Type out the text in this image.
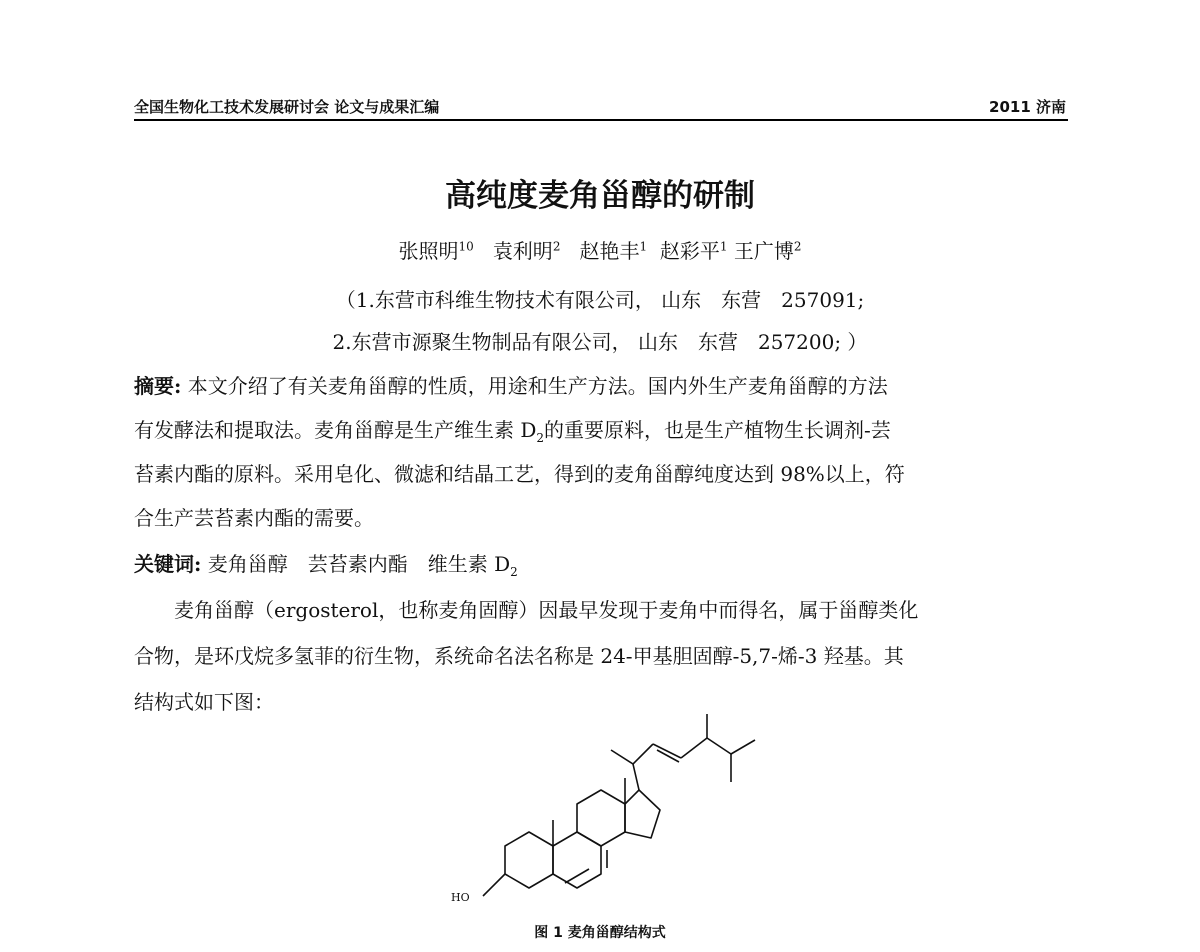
全国生物化工技术发展研讨会 论文与成果汇编	2011 济南
高纯度麦角甾醇的研制
张照明$^{10}$ 袁利明$^2$ 赵艳丰$^1$ 赵彩平$^1$ 王广博$^2$
（1.东营市科维生物技术有限公司， 山东　东营　257091;
2.东营市源聚生物制品有限公司， 山东　东营　257200; ）
摘要: 本文介绍了有关麦角甾醇的性质，用途和生产方法。国内外生产麦角甾醇的方法
有发酵法和提取法。麦角甾醇是生产维生素 $D_2$的重要原料，也是生产植物生长调剂-芸
苔素内酯的原料。采用皂化、微滤和结晶工艺，得到的麦角甾醇纯度达到 98%以上，符
合生产芸苔素内酯的需要。
关键词: 麦角甾醇　芸苔素内酯　维生素 $D_2$
　　麦角甾醇（ergosterol，也称麦角固醇）因最早发现于麦角中而得名，属于甾醇类化
合物，是环戊烷多氢菲的衍生物，系统命名法名称是 24-甲基胆固醇-5,7-烯-3 羟基。其
结构式如下图：
HO
图 1 麦角甾醇结构式
